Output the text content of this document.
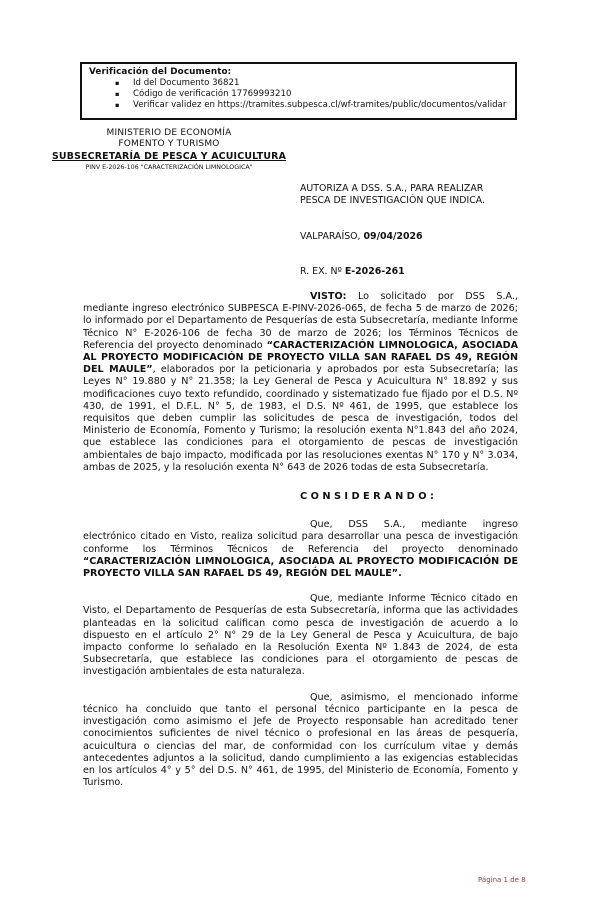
Verificación del Documento:
▪	Id del Documento 36821
▪	Código de verificación 17769993210
▪	Verificar validez en https://tramites.subpesca.cl/wf-tramites/public/documentos/validar
MINISTERIO DE ECONOMÍA
FOMENTO Y TURISMO
SUBSECRETARÍA DE PESCA Y ACUICULTURA
PINV E-2026-106 "CARACTERIZACIÓN LIMNOLOGICA"
AUTORIZA A DSS. S.A., PARA REALIZAR
PESCA DE INVESTIGACIÓN QUE INDICA.
VALPARAÍSO, 09/04/2026
R. EX. Nº E-2026-261

VISTO: Lo solicitado por DSS S.A., mediante ingreso electrónico SUBPESCA E-PINV-2026-065, de fecha 5 de marzo de 2026; lo informado por el Departamento de Pesquerías de esta Subsecretaría, mediante Informe Técnico N° E-2026-106 de fecha 30 de marzo de 2026; los Términos Técnicos de Referencia del proyecto denominado “CARACTERIZACIÓN LIMNOLOGICA, ASOCIADA AL PROYECTO MODIFICACIÓN DE PROYECTO VILLA SAN RAFAEL DS 49, REGIÓN DEL MAULE”, elaborados por la peticionaria y aprobados por esta Subsecretaría; las Leyes N° 19.880 y N° 21.358; la Ley General de Pesca y Acuicultura N° 18.892 y sus modificaciones cuyo texto refundido, coordinado y sistematizado fue fijado por el D.S. Nº 430, de 1991, el D.F.L. N° 5, de 1983, el D.S. Nº 461, de 1995, que establece los requisitos que deben cumplir las solicitudes de pesca de investigación, todos del Ministerio de Economía, Fomento y Turismo; la resolución exenta N°1.843 del año 2024, que establece las condiciones para el otorgamiento de pescas de investigación ambientales de bajo impacto, modificada por las resoluciones exentas N° 170 y N° 3.034, ambas de 2025, y la resolución exenta N° 643 de 2026 todas de esta Subsecretaría.

C O N S I D E R A N D O :

Que, DSS S.A., mediante ingreso electrónico citado en Visto, realiza solicitud para desarrollar una pesca de investigación conforme los Términos Técnicos de Referencia del proyecto denominado “CARACTERIZACIÓN LIMNOLOGICA, ASOCIADA AL PROYECTO MODIFICACIÓN DE PROYECTO VILLA SAN RAFAEL DS 49, REGIÓN DEL MAULE”.

Que, mediante Informe Técnico citado en Visto, el Departamento de Pesquerías de esta Subsecretaría, informa que las actividades planteadas en la solicitud califican como pesca de investigación de acuerdo a lo dispuesto en el artículo 2° N° 29 de la Ley General de Pesca y Acuicultura, de bajo impacto conforme lo señalado en la Resolución Exenta Nº 1.843 de 2024, de esta Subsecretaría, que establece las condiciones para el otorgamiento de pescas de investigación ambientales de esta naturaleza.

Que, asimismo, el mencionado informe técnico ha concluido que tanto el personal técnico participante en la pesca de investigación como asimismo el Jefe de Proyecto responsable han acreditado tener conocimientos suficientes de nivel técnico o profesional en las áreas de pesquería, acuicultura o ciencias del mar, de conformidad con los currículum vitae y demás antecedentes adjuntos a la solicitud, dando cumplimiento a las exigencias establecidas en los artículos 4° y 5° del D.S. N° 461, de 1995, del Ministerio de Economía, Fomento y Turismo.

Página 1 de 8
